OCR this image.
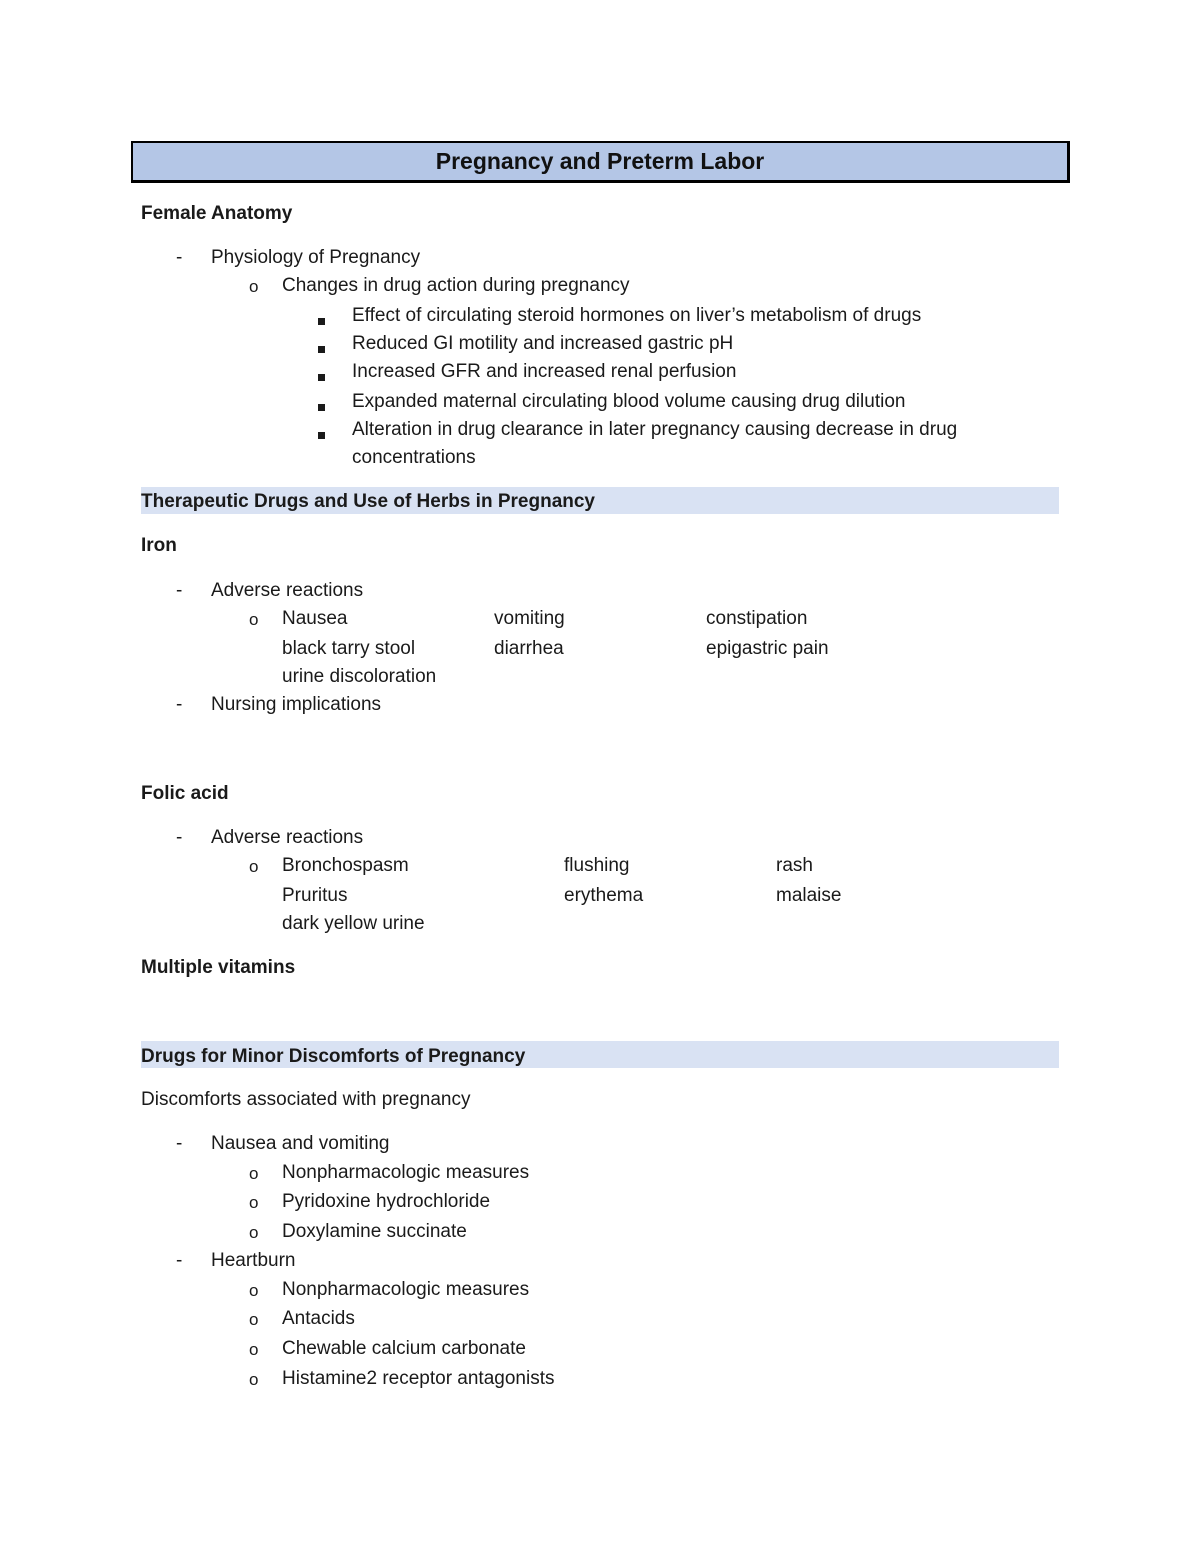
Pregnancy and Preterm Labor
Female Anatomy
- Physiology of Pregnancy
o Changes in drug action during pregnancy
Effect of circulating steroid hormones on liver’s metabolism of drugs
Reduced GI motility and increased gastric pH
Increased GFR and increased renal perfusion
Expanded maternal circulating blood volume causing drug dilution
Alteration in drug clearance in later pregnancy causing decrease in drug
concentrations
Therapeutic Drugs and Use of Herbs in Pregnancy
Iron
- Adverse reactions
o Nausea	vomiting	constipation
black tarry stool	diarrhea	epigastric pain
urine discoloration
- Nursing implications
Folic acid
- Adverse reactions
o Bronchospasm	flushing	rash
Pruritus	erythema	malaise
dark yellow urine
Multiple vitamins
Drugs for Minor Discomforts of Pregnancy
Discomforts associated with pregnancy
- Nausea and vomiting
o Nonpharmacologic measures
o Pyridoxine hydrochloride
o Doxylamine succinate
- Heartburn
o Nonpharmacologic measures
o Antacids
o Chewable calcium carbonate
o Histamine2 receptor antagonists
